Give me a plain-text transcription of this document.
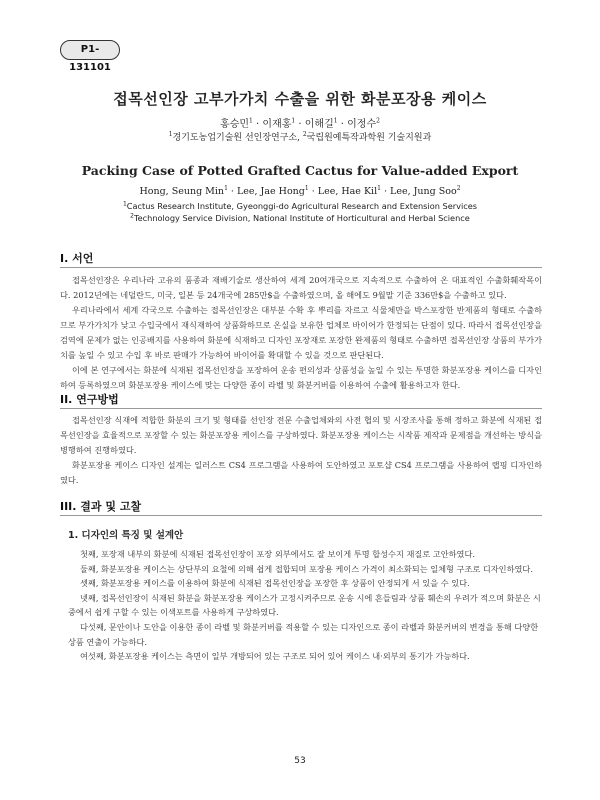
P1-131101
접목선인장 고부가가치 수출을 위한 화분포장용 케이스
홍승민$^1$ · 이재홍$^1$ · 이해길$^1$ · 이정수$^2$
$^1$경기도농업기술원 선인장연구소, $^2$국립원예특작과학원 기술지원과
Packing Case of Potted Grafted Cactus for Value-added Export
Hong, Seung Min$^1$ · Lee, Jae Hong$^1$ · Lee, Hae Kil$^1$ · Lee, Jung Soo$^2$
$^1$Cactus Research Institute, Gyeonggi-do Agricultural Research and Extension Services
$^2$Technology Service Division, National Institute of Horticultural and Herbal Science
I. 서언

접목선인장은 우리나라 고유의 품종과 재배기술로 생산하여 세계 20여개국으로 지속적으로 수출하여 온 대표적인 수출화훼작목이다. 2012년에는 네덜란드, 미국, 일본 등 24개국에 285만$을 수출하였으며, 올 해에도 9월말 기준 336만$을 수출하고 있다.

우리나라에서 세계 각국으로 수출하는 접목선인장은 대부분 수확 후 뿌리를 자르고 식물체만을 박스포장한 반제품의 형태로 수출하므로 부가가치가 낮고 수입국에서 재식재하여 상품화하므로 온실을 보유한 업체로 바이어가 한정되는 단점이 있다. 따라서 접목선인장을 검역에 문제가 없는 인공배지를 사용하여 화분에 식재하고 디자인 포장재로 포장한 완제품의 형태로 수출하면 접목선인장 상품의 부가가치를 높일 수 있고 수입 후 바로 판매가 가능하여 바이어를 확대할 수 있을 것으로 판단된다.

이에 본 연구에서는 화분에 식재된 접목선인장을 포장하여 운송 편의성과 상품성을 높일 수 있는 투명한 화분포장용 케이스를 디자인하여 등록하였으며 화분포장용 케이스에 맞는 다양한 종이 라벨 및 화분커버를 이용하여 수출에 활용하고자 한다.

II. 연구방법

접목선인장 식재에 적합한 화분의 크기 및 형태를 선인장 전문 수출업체와의 사전 협의 및 시장조사를 통해 정하고 화분에 식재된 접목선인장을 효율적으로 포장할 수 있는 화분포장용 케이스를 구상하였다. 화분포장용 케이스는 시작품 제작과 문제점을 개선하는 방식을 병행하여 진행하였다.

화분포장용 케이스 디자인 설계는 일러스트 CS4 프로그램을 사용하여 도안하였고 포토샵 CS4 프로그램을 사용하여 랩핑 디자인하였다.

III. 결과 및 고찰
1. 디자인의 특징 및 설계안

첫째, 포장재 내부의 화분에 식재된 접목선인장이 포장 외부에서도 잘 보이게 투명 합성수지 재질로 고안하였다.

둘째, 화분포장용 케이스는 상단부의 요철에 의해 쉽게 접합되며 포장용 케이스 가격이 최소화되는 일체형 구조로 디자인하였다.

셋째, 화분포장용 케이스를 이용하여 화분에 식재된 접목선인장을 포장한 후 상품이 안정되게 서 있을 수 있다.

넷째, 접목선인장이 식재된 화분을 화분포장용 케이스가 고정시켜주므로 운송 시에 흔들림과 상품 훼손의 우려가 적으며 화분은 시중에서 쉽게 구할 수 있는 이색포트를 사용하게 구상하였다.

다섯째, 문안이나 도안을 이용한 종이 라벨 및 화분커버를 적용할 수 있는 디자인으로 종이 라벨과 화분커버의 변경을 통해 다양한 상품 연출이 가능하다.

여섯째, 화분포장용 케이스는 측면이 일부 개방되어 있는 구조로 되어 있어 케이스 내·외부의 통기가 가능하다.

53
